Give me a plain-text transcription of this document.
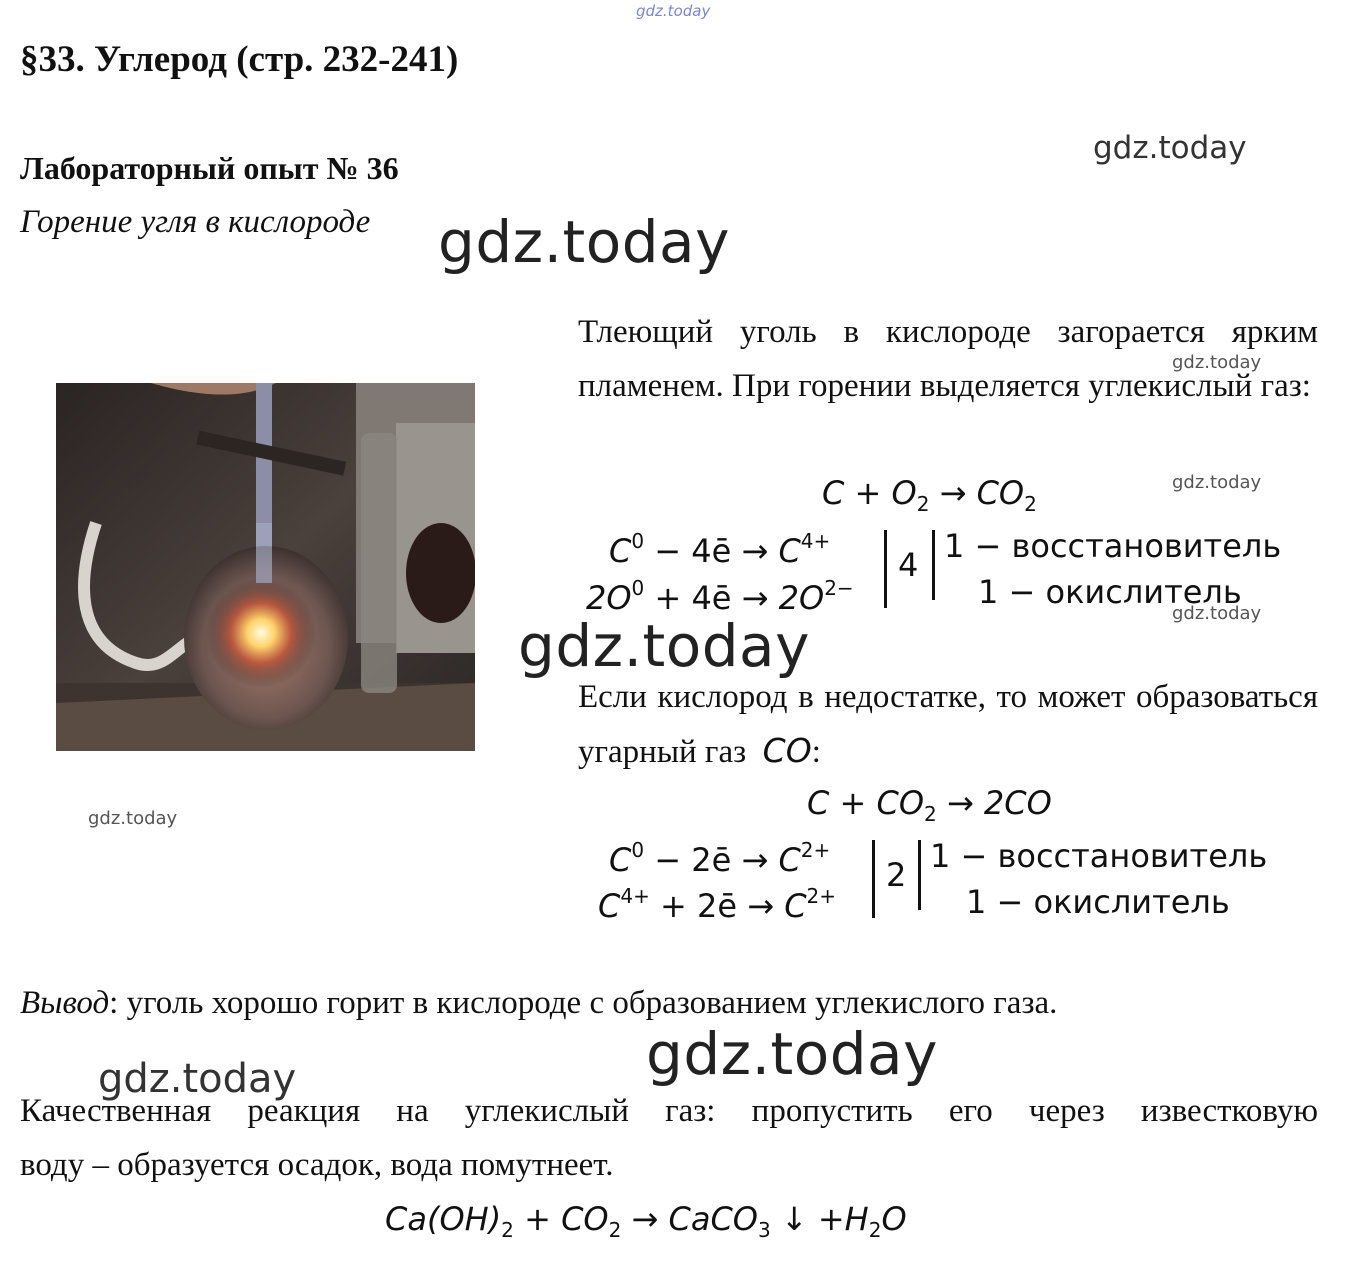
gdz.today
gdz.today
gdz.today
gdz.today
gdz.today
gdz.today
gdz.today
gdz.today
gdz.today
gdz.today
§33. Углерод (стр. 232-241)
Лабораторный опыт № 36
Горение угля в кислороде
Тлеющий уголь в кислороде загорается ярким пламенем. При горении выделяется углекислый газ:
$C + O_2 \to CO_2$
$C^0$ − 4ē → $C^{4+}$
$2O^0$ + 4ē → $2O^{2-}$
4 1 − восстановитель
1 − окислитель
Если кислород в недостатке, то может образоваться угарный газ CO:
$C + CO_2 \to 2CO$
$C^0$ − 2ē → $C^{2+}$
$C^{4+}$ + 2ē → $C^{2+}$
2 1 − восстановитель
1 − окислитель
Вывод: уголь хорошо горит в кислороде с образованием углекислого газа.
Качественная реакция на углекислый газ: пропустить его через известковую
воду – образуется осадок, вода помутнеет.
$Ca(OH)_2 + CO_2$ → CaCO$_3$ ↓ $+H_2O$
